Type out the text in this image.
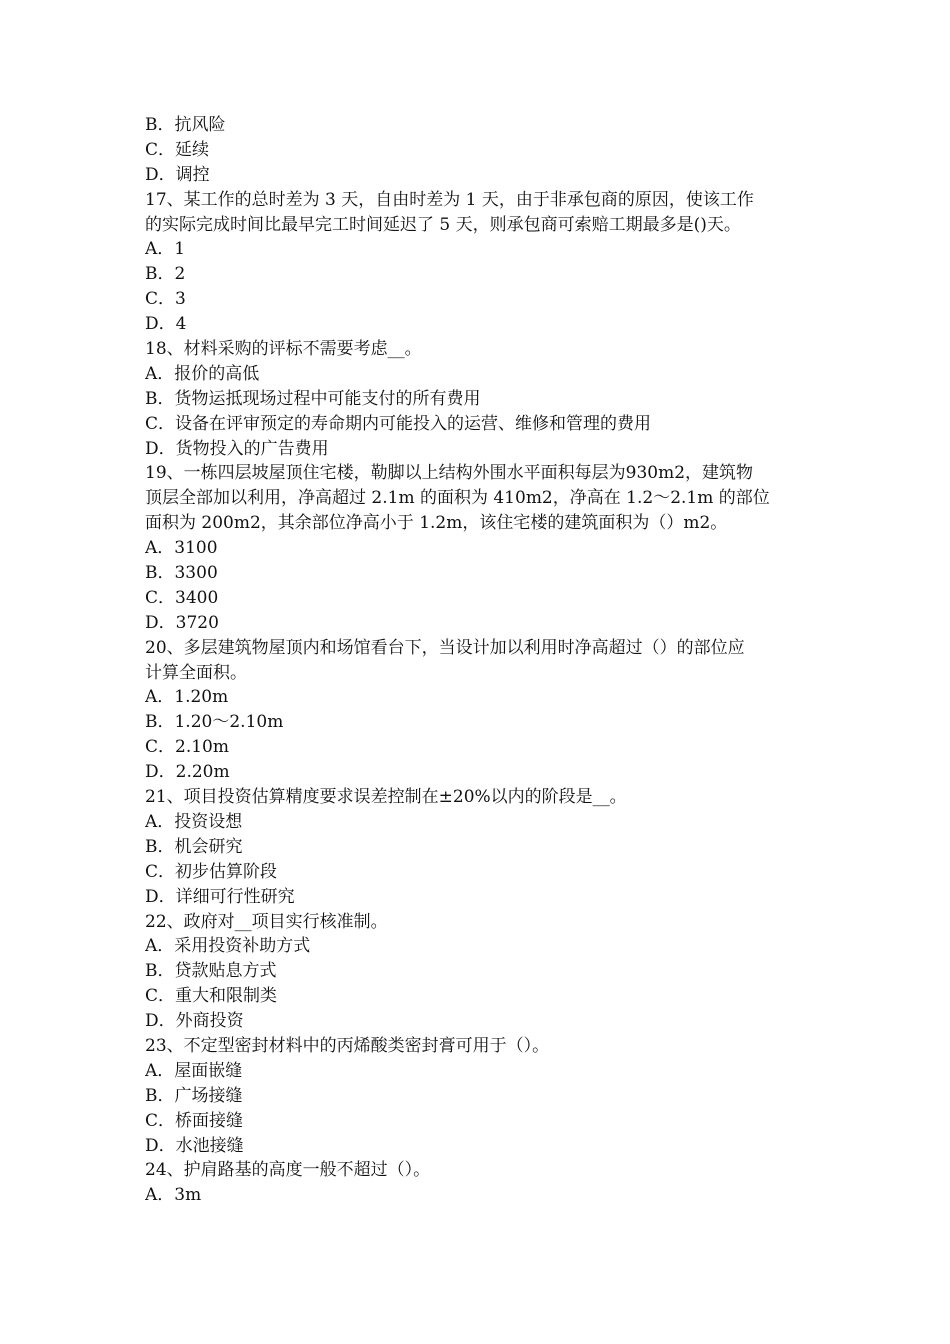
B．抗风险
C．延续
D．调控
17、某工作的总时差为 3 天，自由时差为 1 天，由于非承包商的原因，使该工作
的实际完成时间比最早完工时间延迟了 5 天，则承包商可索赔工期最多是()天。
A．1
B．2
C．3
D．4
18、材料采购的评标不需要考虑__。
A．报价的高低
B．货物运抵现场过程中可能支付的所有费用
C．设备在评审预定的寿命期内可能投入的运营、维修和管理的费用
D．货物投入的广告费用
19、一栋四层坡屋顶住宅楼，勒脚以上结构外围水平面积每层为930m2，建筑物
顶层全部加以利用，净高超过 2.1m 的面积为 410m2，净高在 1.2～2.1m 的部位
面积为 200m2，其余部位净高小于 1.2m，该住宅楼的建筑面积为（）m2。
A．3100
B．3300
C．3400
D．3720
20、多层建筑物屋顶内和场馆看台下，当设计加以利用时净高超过（）的部位应
计算全面积。
A．1.20m
B．1.20～2.10m
C．2.10m
D．2.20m
21、项目投资估算精度要求误差控制在±20%以内的阶段是__。
A．投资设想
B．机会研究
C．初步估算阶段
D．详细可行性研究
22、政府对__项目实行核准制。
A．采用投资补助方式
B．贷款贴息方式
C．重大和限制类
D．外商投资
23、不定型密封材料中的丙烯酸类密封膏可用于（）。
A．屋面嵌缝
B．广场接缝
C．桥面接缝
D．水池接缝
24、护肩路基的高度一般不超过（）。
A．3m
